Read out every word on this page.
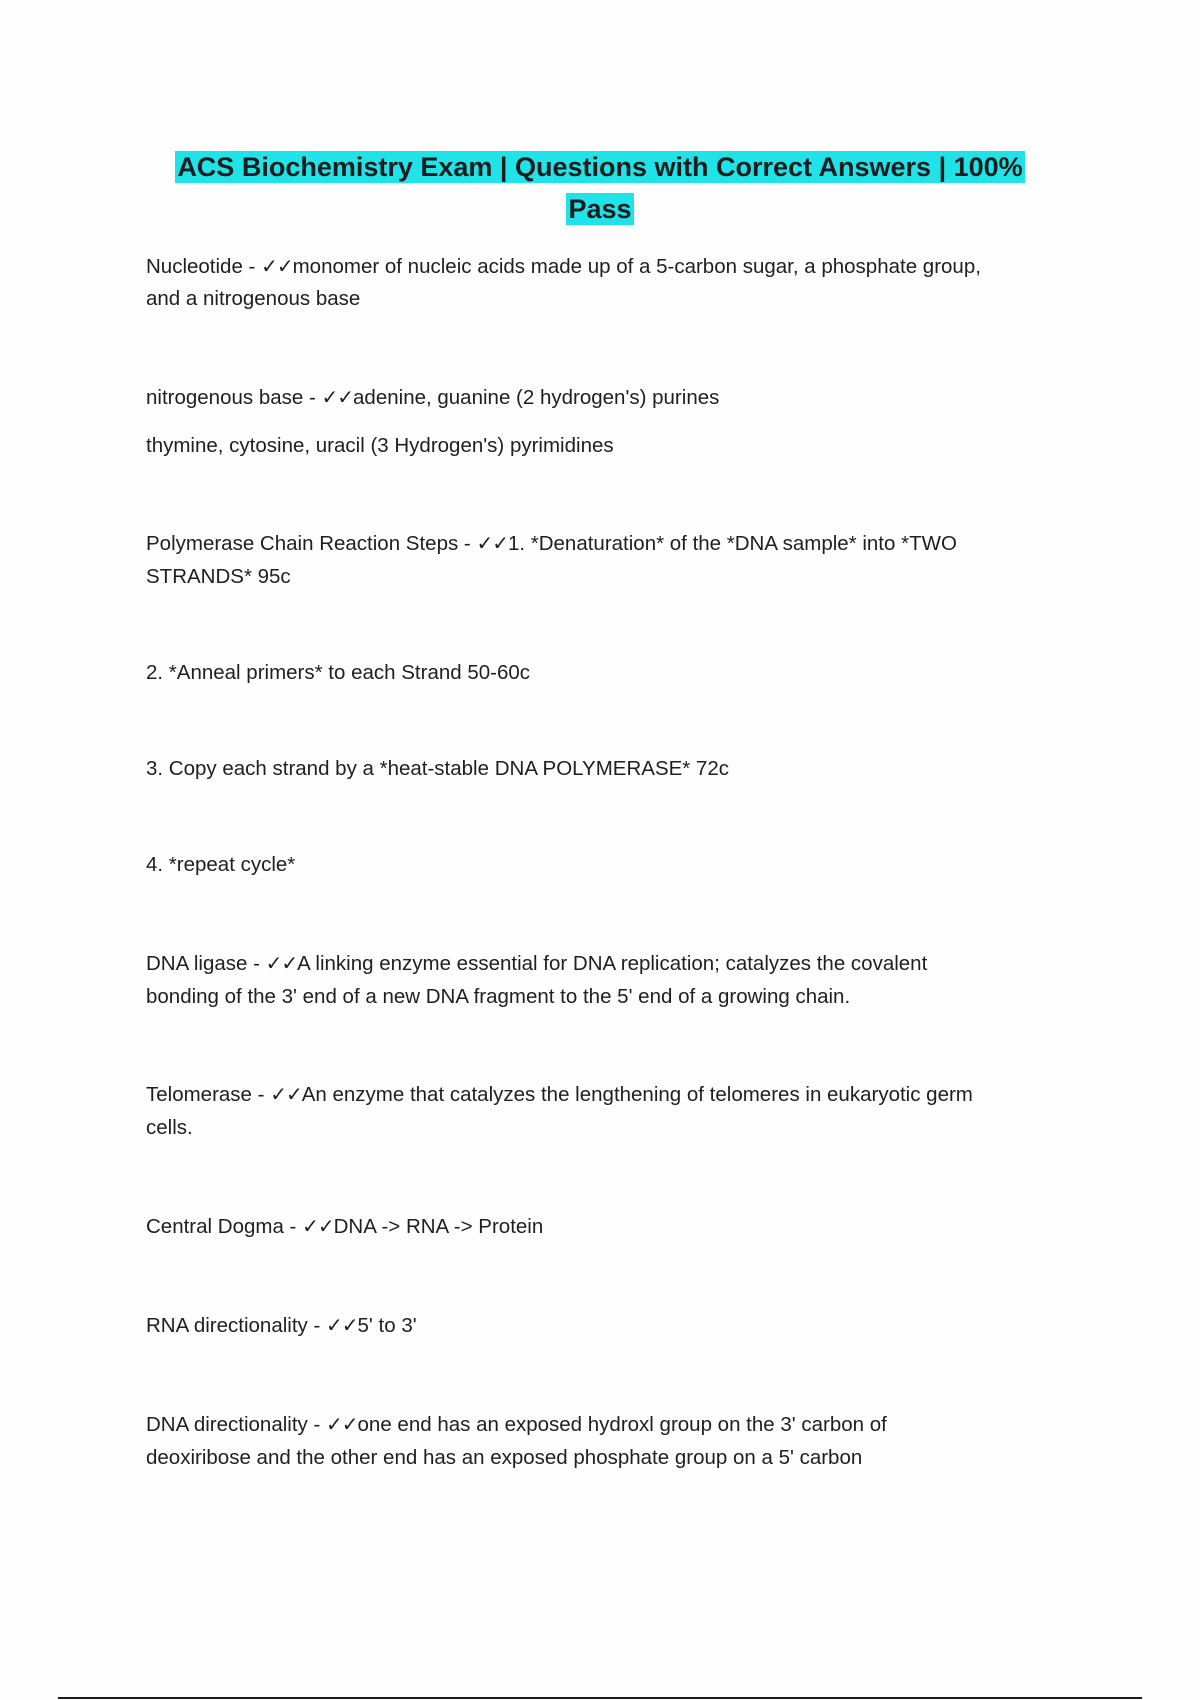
ACS Biochemistry Exam | Questions with Correct Answers | 100%
Pass
Nucleotide - ✓✓monomer of nucleic acids made up of a 5-carbon sugar, a phosphate group,
and a nitrogenous base
nitrogenous base - ✓✓adenine, guanine (2 hydrogen's) purines
thymine, cytosine, uracil (3 Hydrogen's) pyrimidines
Polymerase Chain Reaction Steps - ✓✓1. *Denaturation* of the *DNA sample* into *TWO
STRANDS* 95c
2. *Anneal primers* to each Strand 50-60c
3. Copy each strand by a *heat-stable DNA POLYMERASE* 72c
4. *repeat cycle*
DNA ligase - ✓✓A linking enzyme essential for DNA replication; catalyzes the covalent
bonding of the 3' end of a new DNA fragment to the 5' end of a growing chain.
Telomerase - ✓✓An enzyme that catalyzes the lengthening of telomeres in eukaryotic germ
cells.
Central Dogma - ✓✓DNA -> RNA -> Protein
RNA directionality - ✓✓5' to 3'
DNA directionality - ✓✓one end has an exposed hydroxl group on the 3' carbon of
deoxiribose and the other end has an exposed phosphate group on a 5' carbon
